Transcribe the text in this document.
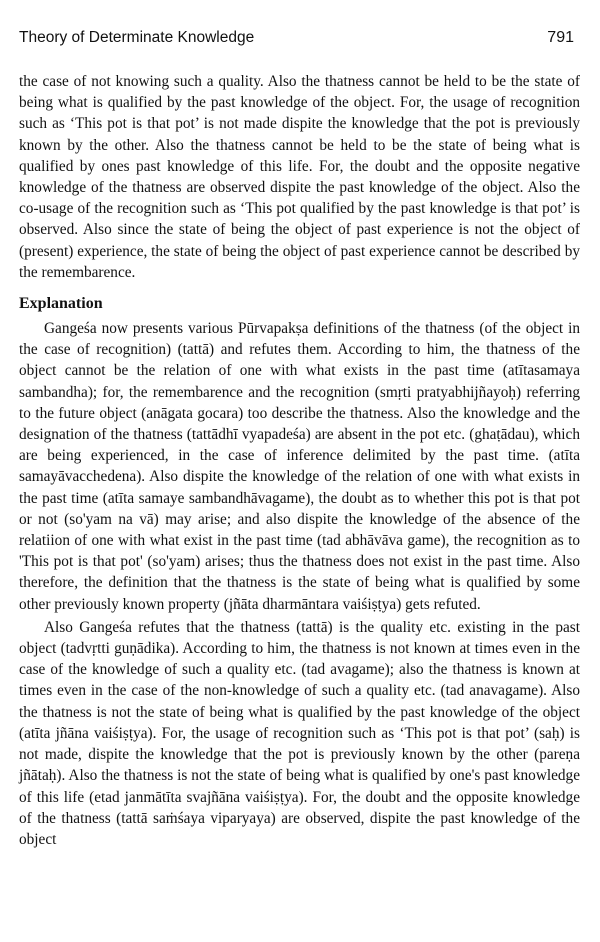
Theory of Determinate Knowledge	791

the case of not knowing such a quality. Also the thatness cannot be held to be the state of being what is qualified by the past knowledge of the object. For, the usage of recognition such as ‘This pot is that pot’ is not made dispite the knowledge that the pot is previously known by the other. Also the thatness cannot be held to be the state of being what is qualified by ones past knowledge of this life. For, the doubt and the opposite negative knowledge of the thatness are observed dispite the past knowledge of the object. Also the co-usage of the recognition such as ‘This pot qualified by the past knowledge is that pot’ is observed. Also since the state of being the object of past experience is not the object of (present) experience, the state of being the object of past experience cannot be described by the remembarence.

Explanation

Gangeśa now presents various Pūrvapakṣa definitions of the thatness (of the object in the case of recognition) (tattā) and refutes them. According to him, the thatness of the object cannot be the relation of one with what exists in the past time (atītasamaya sambandha); for, the remembarence and the recognition (smṛti pratyabhijñayoḥ) referring to the future object (anāgata gocara) too describe the thatness. Also the knowledge and the designation of the thatness (tattādhī vyapadeśa) are absent in the pot etc. (ghaṭādau), which are being experienced, in the case of inference delimited by the past time. (atīta samayāvacchedena). Also dispite the knowledge of the relation of one with what exists in the past time (atīta samaye sambandhāvagame), the doubt as to whether this pot is that pot or not (so'yam na vā) may arise; and also dispite the knowledge of the absence of the relatiion of one with what exist in the past time (tad abhāvāva game), the recognition as to 'This pot is that pot' (so'yam) arises; thus the thatness does not exist in the past time. Also therefore, the definition that the thatness is the state of being what is qualified by some other previously known property (jñāta dharmāntara vaiśiṣṭya) gets refuted.

Also Gangeśa refutes that the thatness (tattā) is the quality etc. existing in the past object (tadvṛtti guṇādika). According to him, the thatness is not known at times even in the case of the knowledge of such a quality etc. (tad avagame); also the thatness is known at times even in the case of the non-knowledge of such a quality etc. (tad anavagame). Also the thatness is not the state of being what is qualified by the past knowledge of the object (atīta jñāna vaiśiṣṭya). For, the usage of recognition such as ‘This pot is that pot’ (saḥ) is not made, dispite the knowledge that the pot is previously known by the other (pareṇa jñātaḥ). Also the thatness is not the state of being what is qualified by one's past knowledge of this life (etad janmātīta svajñāna vaiśiṣṭya). For, the doubt and the opposite knowledge of the thatness (tattā saṁśaya viparyaya) are observed, dispite the past knowledge of the object
